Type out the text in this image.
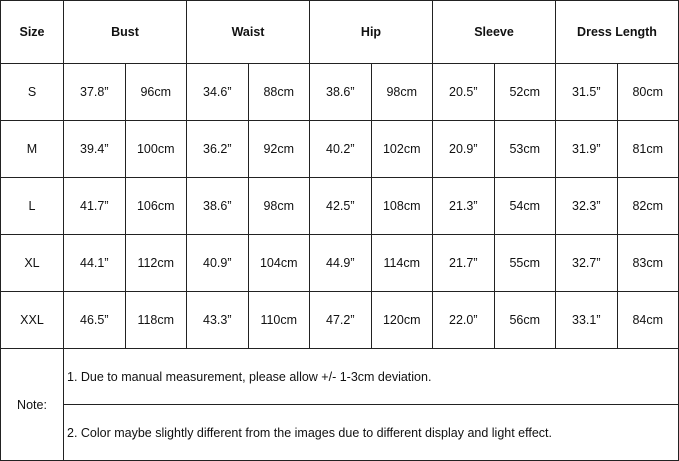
Size	Bust		Waist		Hip		Sleeve		Dress Length	
S	37.8”	96cm	34.6”	88cm	38.6”	98cm	20.5”	52cm	31.5”	80cm
M	39.4”	100cm	36.2”	92cm	40.2”	102cm	20.9”	53cm	31.9”	81cm
L	41.7”	106cm	38.6”	98cm	42.5”	108cm	21.3”	54cm	32.3”	82cm
XL	44.1”	112cm	40.9”	104cm	44.9”	114cm	21.7”	55cm	32.7”	83cm
XXL	46.5”	118cm	43.3”	110cm	47.2”	120cm	22.0”	56cm	33.1”	84cm
Note:	1. Due to manual measurement, please allow +/- 1-3cm deviation.
2. Color maybe slightly different from the images due to different display and light effect.
